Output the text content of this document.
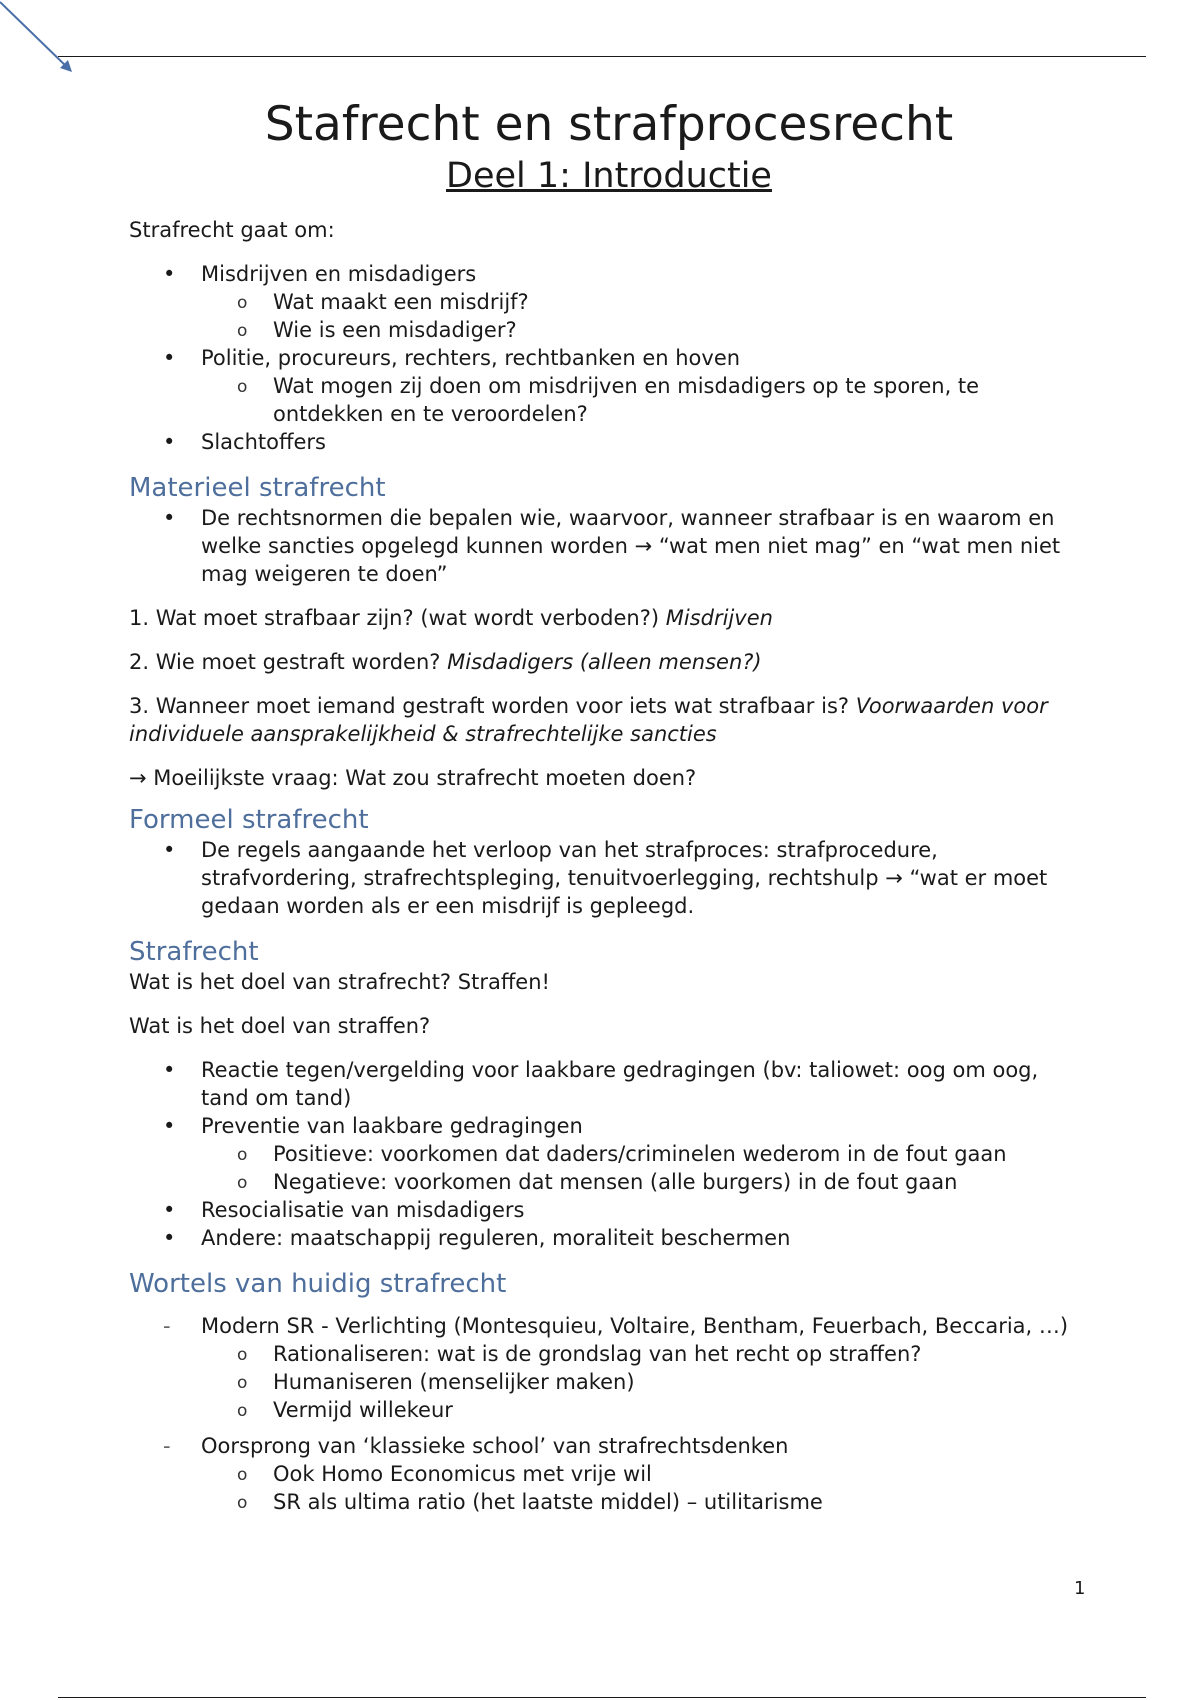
Stafrecht en strafprocesrecht
Deel 1: Introductie

Strafrecht gaat om:

• Misdrijven en misdadigers
o Wat maakt een misdrijf?
o Wie is een misdadiger?
• Politie, procureurs, rechters, rechtbanken en hoven
o Wat mogen zij doen om misdrijven en misdadigers op te sporen, te ontdekken en te veroordelen?
• Slachtoffers
Materieel strafrecht
• De rechtsnormen die bepalen wie, waarvoor, wanneer strafbaar is en waarom en welke sancties opgelegd kunnen worden → “wat men niet mag” en “wat men niet mag weigeren te doen”

1. Wat moet strafbaar zijn? (wat wordt verboden?) Misdrijven

2. Wie moet gestraft worden? Misdadigers (alleen mensen?)

3. Wanneer moet iemand gestraft worden voor iets wat strafbaar is? Voorwaarden voor individuele aansprakelijkheid & strafrechtelijke sancties

→ Moeilijkste vraag: Wat zou strafrecht moeten doen?

Formeel strafrecht
• De regels aangaande het verloop van het strafproces: strafprocedure, strafvordering, strafrechtspleging, tenuitvoerlegging, rechtshulp → “wat er moet gedaan worden als er een misdrijf is gepleegd.
Strafrecht

Wat is het doel van strafrecht? Straffen!

Wat is het doel van straffen?

• Reactie tegen/vergelding voor laakbare gedragingen (bv: taliowet: oog om oog, tand om tand)
• Preventie van laakbare gedragingen
o Positieve: voorkomen dat daders/criminelen wederom in de fout gaan
o Negatieve: voorkomen dat mensen (alle burgers) in de fout gaan
• Resocialisatie van misdadigers
• Andere: maatschappij reguleren, moraliteit beschermen
Wortels van huidig strafrecht
- Modern SR - Verlichting (Montesquieu, Voltaire, Bentham, Feuerbach, Beccaria, …)
o Rationaliseren: wat is de grondslag van het recht op straffen?
o Humaniseren (menselijker maken)
o Vermijd willekeur
- Oorsprong van ‘klassieke school’ van strafrechtsdenken
o Ook Homo Economicus met vrije wil
o SR als ultima ratio (het laatste middel) – utilitarisme
1
